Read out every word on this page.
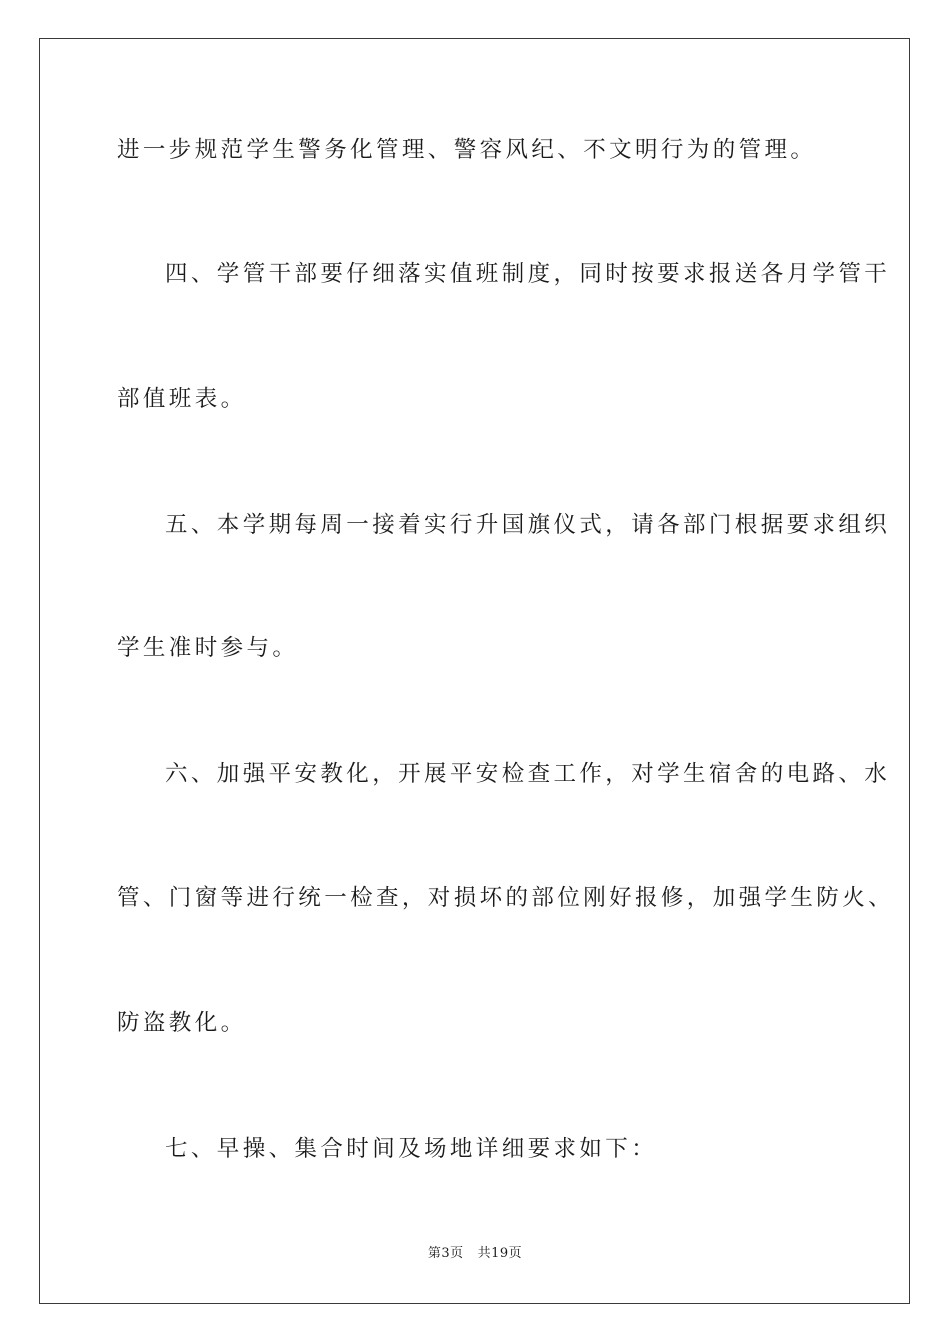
进一步规范学生警务化管理、警容风纪、不文明行为的管理。
四、学管干部要仔细落实值班制度，同时按要求报送各月学管干
部值班表。
五、本学期每周一接着实行升国旗仪式，请各部门根据要求组织
学生准时参与。
六、加强平安教化，开展平安检查工作，对学生宿舍的电路、水
管、门窗等进行统一检查，对损坏的部位刚好报修，加强学生防火、
防盗教化。
七、早操、集合时间及场地详细要求如下：
第3页 共19页
